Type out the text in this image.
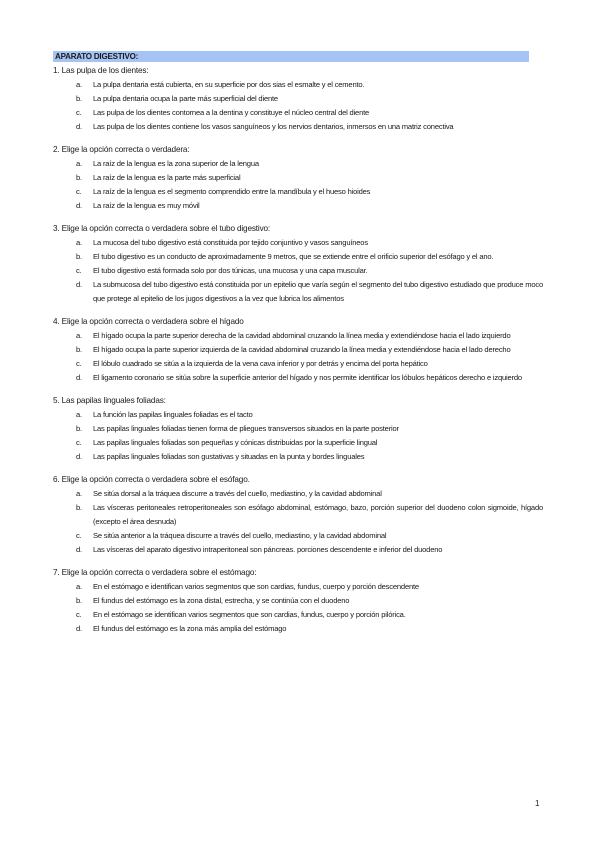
APARATO DIGESTIVO:
1. Las pulpa de los dientes:
a.	La pulpa dentaria está cubierta, en su superficie por dos sias el esmalte y el cemento.
b.	La pulpa dentaria ocupa la parte más superficial del diente
c.	Las pulpa de los dientes contornea a la dentina y constituye el núcleo central del diente
d.	Las pulpa de los dientes contiene los vasos sanguíneos y los nervios dentarios, inmersos en una matriz conectiva
2. Elige la opción correcta o verdadera:
a.	La raíz de la lengua es la zona superior de la lengua
b.	La raíz de la lengua es la parte más superficial
c.	La raíz de la lengua es el segmento comprendido entre la mandíbula y el hueso hioides
d.	La raíz de la lengua es muy móvil
3. Elige la opción correcta o verdadera sobre el tubo digestivo:
a.	La mucosa del tubo digestivo está constituida por tejido conjuntivo y vasos sanguíneos
b.	El tubo digestivo es un conducto de aproximadamente 9 metros, que se extiende entre el orificio superior del esófago y el ano.
c.	El tubo digestivo está formada solo por dos túnicas, una mucosa y una capa muscular.
d.	La submucosa del tubo digestivo está constituida por un epitelio que varía según el segmento del tubo digestivo estudiado que produce moco que protege al epitelio de los jugos digestivos a la vez que lubrica los alimentos
4. Elige la opción correcta o verdadera sobre el hígado
a.	El hígado ocupa la parte superior derecha de la cavidad abdominal cruzando la línea media y extendiéndose hacia el lado izquierdo
b.	El hígado ocupa la parte superior izquierda de la cavidad abdominal cruzando la línea media y extendiéndose hacia el lado derecho
c.	El lóbulo cuadrado se sitúa a la izquierda de la vena cava inferior y por detrás y encima del porta hepático
d.	El ligamento coronario se sitúa sobre la superficie anterior del hígado y nos permite identificar los lóbulos hepáticos derecho e izquierdo
5. Las papilas linguales foliadas:
a.	La función las papilas linguales foliadas es el tacto
b.	Las papilas linguales foliadas tienen forma de pliegues transversos situados en la parte posterior
c.	Las papilas linguales foliadas son pequeñas y cónicas distribuidas por la superficie lingual
d.	Las papilas linguales foliadas son gustativas y situadas en la punta y bordes linguales
6. Elige la opción correcta o verdadera sobre el esófago.
a.	Se sitúa dorsal a la tráquea discurre a través del cuello, mediastino, y la cavidad abdominal
b.	Las vísceras peritoneales retroperitoneales son esófago abdominal, estómago, bazo, porción superior del duodeno colon sigmoide, hígado (excepto el área desnuda)
c.	Se sitúa anterior a la tráquea discurre a través del cuello, mediastino, y la cavidad abdominal
d.	Las vísceras del aparato digestivo intraperitoneal son páncreas. porciones descendente e inferior del duodeno
7. Elige la opción correcta o verdadera sobre el estómago:
a.	En el estómago e identifican varios segmentos que son cardias, fundus, cuerpo y porción descendente
b.	El fundus del estómago es la zona distal, estrecha, y se continúa con el duodeno
c.	En el estómago se identifican varios segmentos que son cardias, fundus, cuerpo y porción pilórica.
d.	El fundus del estómago es la zona más amplia del estómago
1
